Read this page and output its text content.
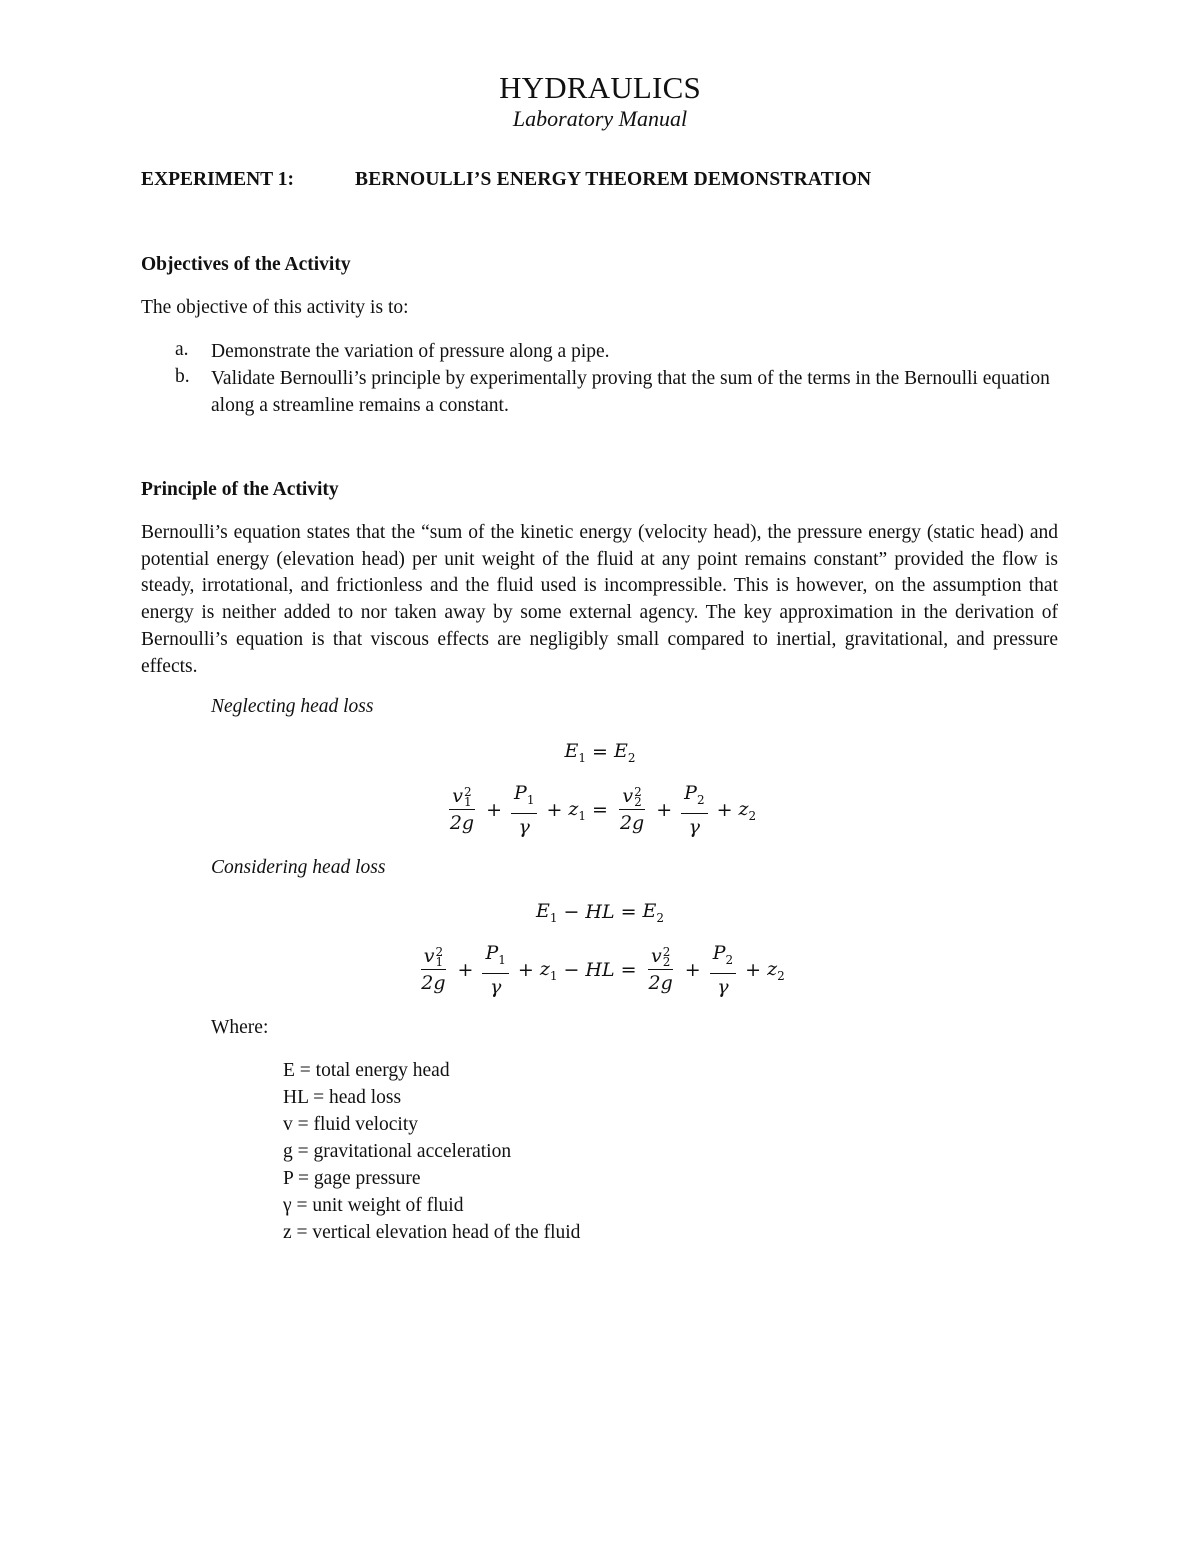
HYDRAULICS
Laboratory Manual
EXPERIMENT 1:	BERNOULLI’S ENERGY THEOREM DEMONSTRATION
Objectives of the Activity
The objective of this activity is to:
a. Demonstrate the variation of pressure along a pipe.
b. Validate Bernoulli’s principle by experimentally proving that the sum of the terms in the Bernoulli equation along a streamline remains a constant.
Principle of the Activity
Bernoulli’s equation states that the “sum of the kinetic energy (velocity head), the pressure energy (static head) and potential energy (elevation head) per unit weight of the fluid at any point remains constant” provided the flow is steady, irrotational, and frictionless and the fluid used is incompressible. This is however, on the assumption that energy is neither added to nor taken away by some external agency. The key approximation in the derivation of Bernoulli’s equation is that viscous effects are negligibly small compared to inertial, gravitational, and pressure effects.
Neglecting head loss
$E_1 = E_2$
v 2
1
$2g + \frac{P_1}{\gamma} + z_1 = v$ 2
2
$2g + \frac{P_2}{\gamma} + z_2$
Considering head loss
$E_1$ − HL = $E_2$
v 2
1
$2g + \frac{P_1}{\gamma} + z_1$ − HL = v 2
2
$2g + \frac{P_2}{\gamma} + z_2$
Where:
E = total energy head
HL = head loss
v = fluid velocity
g = gravitational acceleration
P = gage pressure
γ = unit weight of fluid
z = vertical elevation head of the fluid
